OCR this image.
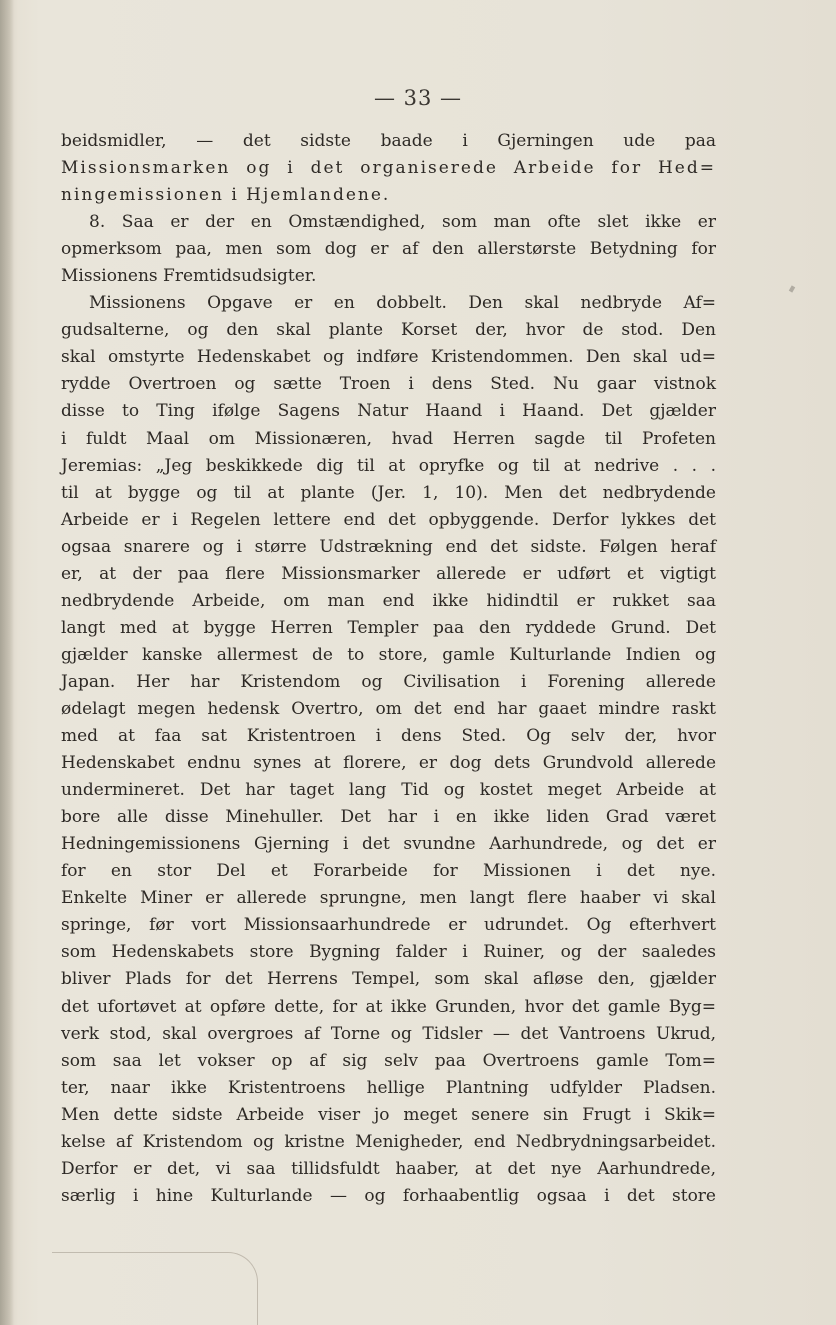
— 33 —
beidsmidler, — det sidste baade i Gjerningen ude paa
Missionsmarken og i det organiserede Arbeide for Hed=
ningemissionen i Hjemlandene.
8. Saa er der en Omstændighed, som man ofte slet ikke er
opmerksom paa, men som dog er af den allerstørste Betydning for
Missionens Fremtidsudsigter.
Missionens Opgave er en dobbelt. Den skal nedbryde Af=
gudsalterne, og den skal plante Korset der, hvor de stod. Den
skal omstyrte Hedenskabet og indføre Kristendommen. Den skal ud=
rydde Overtroen og sætte Troen i dens Sted. Nu gaar vistnok
disse to Ting ifølge Sagens Natur Haand i Haand. Det gjælder
i fuldt Maal om Missionæren, hvad Herren sagde til Profeten
Jeremias: „Jeg beskikkede dig til at opryfke og til at nedrive . . .
til at bygge og til at plante (Jer. 1, 10). Men det nedbrydende
Arbeide er i Regelen lettere end det opbyggende. Derfor lykkes det
ogsaa snarere og i større Udstrækning end det sidste. Følgen heraf
er, at der paa flere Missionsmarker allerede er udført et vigtigt
nedbrydende Arbeide, om man end ikke hidindtil er rukket saa
langt med at bygge Herren Templer paa den ryddede Grund. Det
gjælder kanske allermest de to store, gamle Kulturlande Indien og
Japan. Her har Kristendom og Civilisation i Forening allerede
ødelagt megen hedensk Overtro, om det end har gaaet mindre raskt
med at faa sat Kristentroen i dens Sted. Og selv der, hvor
Hedenskabet endnu synes at florere, er dog dets Grundvold allerede
undermineret. Det har taget lang Tid og kostet meget Arbeide at
bore alle disse Minehuller. Det har i en ikke liden Grad været
Hedningemissionens Gjerning i det svundne Aarhundrede, og det er
for en stor Del et Forarbeide for Missionen i det nye.
Enkelte Miner er allerede sprungne, men langt flere haaber vi skal
springe, før vort Missionsaarhundrede er udrundet. Og efterhvert
som Hedenskabets store Bygning falder i Ruiner, og der saaledes
bliver Plads for det Herrens Tempel, som skal afløse den, gjælder
det ufortøvet at opføre dette, for at ikke Grunden, hvor det gamle Byg=
verk stod, skal overgroes af Torne og Tidsler — det Vantroens Ukrud,
som saa let vokser op af sig selv paa Overtroens gamle Tom=
ter, naar ikke Kristentroens hellige Plantning udfylder Pladsen.
Men dette sidste Arbeide viser jo meget senere sin Frugt i Skik=
kelse af Kristendom og kristne Menigheder, end Nedbrydningsarbeidet.
Derfor er det, vi saa tillidsfuldt haaber, at det nye Aarhundrede,
særlig i hine Kulturlande — og forhaabentlig ogsaa i det store
